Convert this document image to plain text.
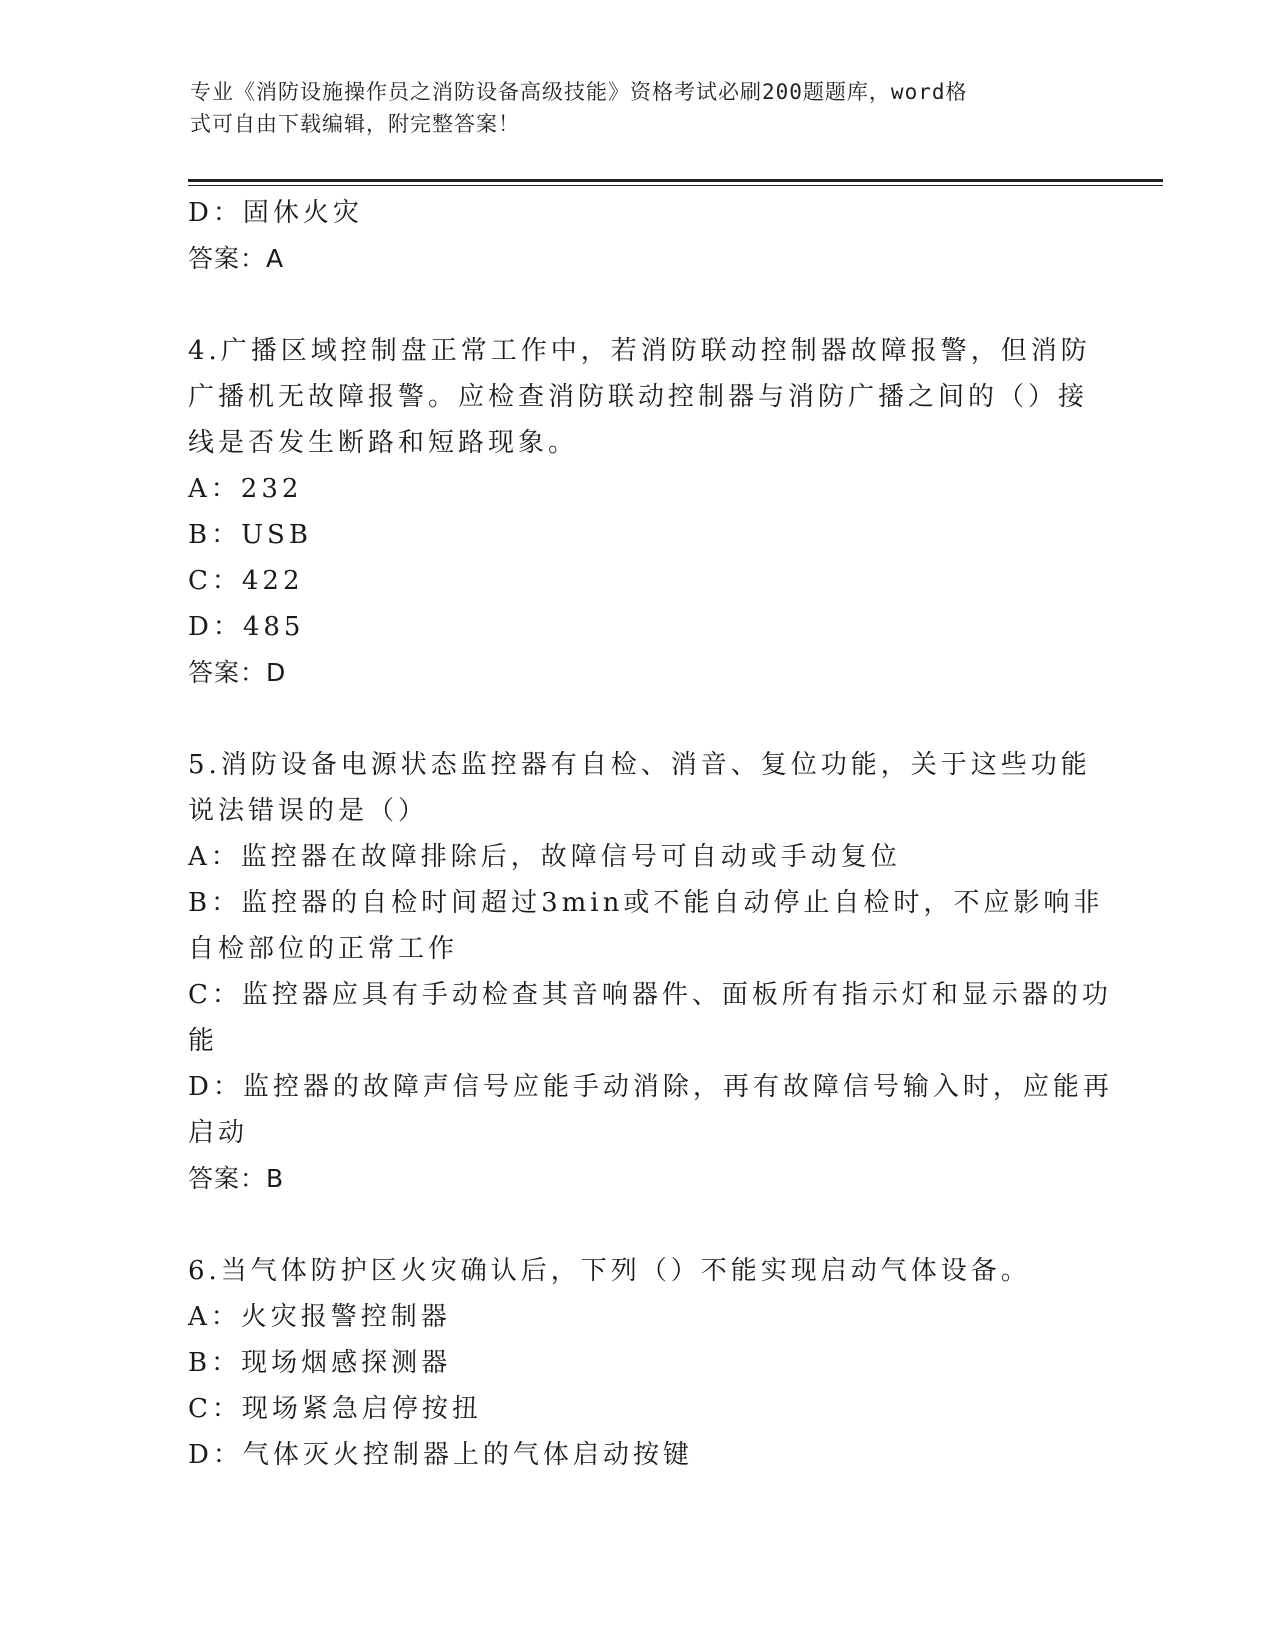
专业《消防设施操作员之消防设备高级技能》资格考试必刷200题题库，word格
式可自由下载编辑，附完整答案！

D：固休火灾

答案：A

4.广播区域控制盘正常工作中，若消防联动控制器故障报警，但消防

广播机无故障报警。应检查消防联动控制器与消防广播之间的（）接

线是否发生断路和短路现象。

A：232

B：USB

C：422

D：485

答案：D

5.消防设备电源状态监控器有自检、消音、复位功能，关于这些功能

说法错误的是（）

A：监控器在故障排除后，故障信号可自动或手动复位

B：监控器的自检时间超过3min或不能自动停止自检时，不应影响非

自检部位的正常工作

C：监控器应具有手动检查其音响器件、面板所有指示灯和显示器的功

能

D：监控器的故障声信号应能手动消除，再有故障信号输入时，应能再

启动

答案：B

6.当气体防护区火灾确认后，下列（）不能实现启动气体设备。

A：火灾报警控制器

B：现场烟感探测器

C：现场紧急启停按扭

D：气体灭火控制器上的气体启动按键
